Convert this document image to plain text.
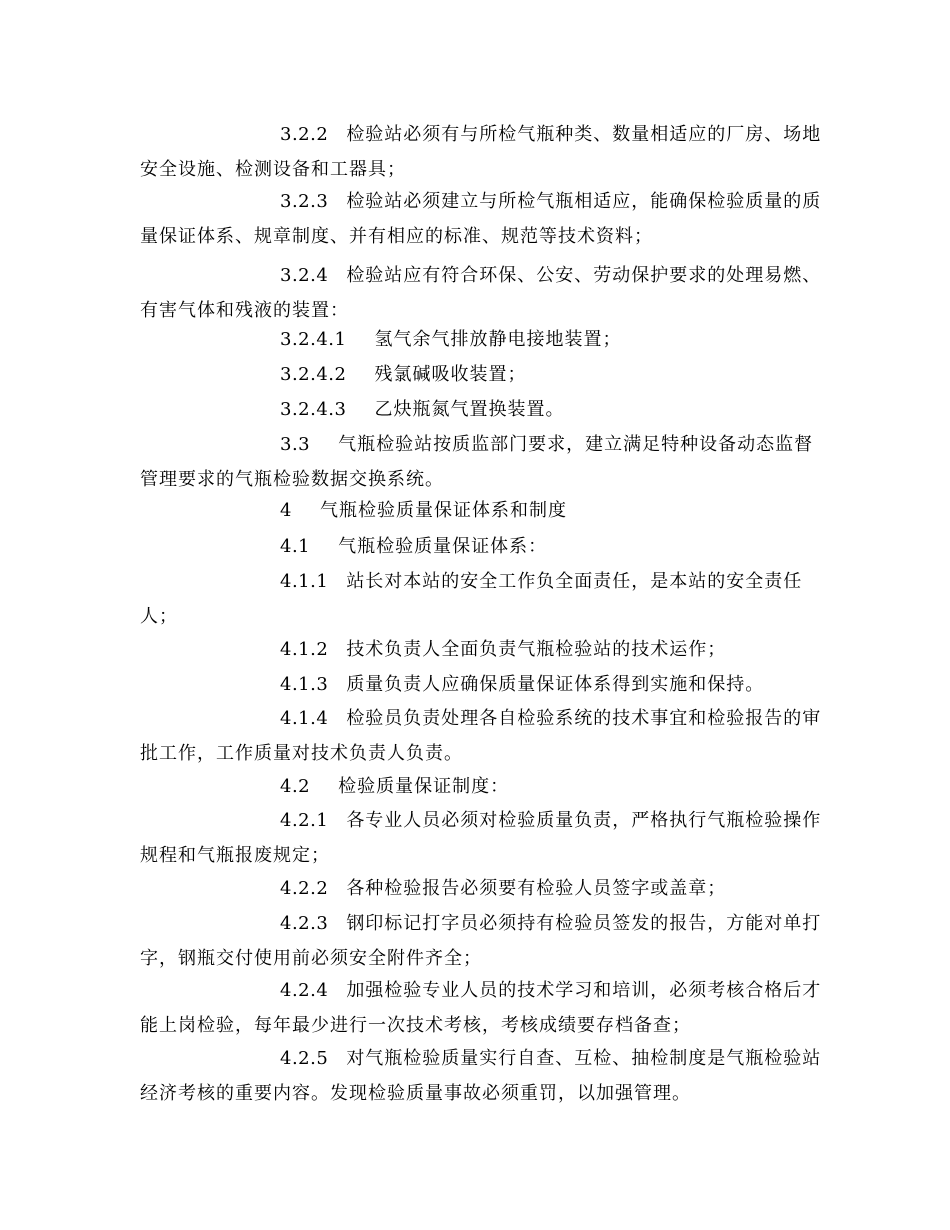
3.2.2 检验站必须有与所检气瓶种类、数量相适应的厂房、场地安全设施、检测设备和工器具；
3.2.3 检验站必须建立与所检气瓶相适应，能确保检验质量的质量保证体系、规章制度、并有相应的标准、规范等技术资料；
3.2.4 检验站应有符合环保、公安、劳动保护要求的处理易燃、有害气体和残液的装置：
3.2.4.1 氢气余气排放静电接地装置；
3.2.4.2 残氯碱吸收装置；
3.2.4.3 乙炔瓶氮气置换装置。
3.3 气瓶检验站按质监部门要求，建立满足特种设备动态监督管理要求的气瓶检验数据交换系统。
4 气瓶检验质量保证体系和制度
4.1 气瓶检验质量保证体系：
4.1.1 站长对本站的安全工作负全面责任，是本站的安全责任人；
4.1.2 技术负责人全面负责气瓶检验站的技术运作；
4.1.3 质量负责人应确保质量保证体系得到实施和保持。
4.1.4 检验员负责处理各自检验系统的技术事宜和检验报告的审批工作，工作质量对技术负责人负责。
4.2 检验质量保证制度：
4.2.1 各专业人员必须对检验质量负责，严格执行气瓶检验操作规程和气瓶报废规定；
4.2.2 各种检验报告必须要有检验人员签字或盖章；
4.2.3 钢印标记打字员必须持有检验员签发的报告，方能对单打字，钢瓶交付使用前必须安全附件齐全；
4.2.4 加强检验专业人员的技术学习和培训，必须考核合格后才能上岗检验，每年最少进行一次技术考核，考核成绩要存档备查；
4.2.5 对气瓶检验质量实行自查、互检、抽检制度是气瓶检验站经济考核的重要内容。发现检验质量事故必须重罚，以加强管理。
